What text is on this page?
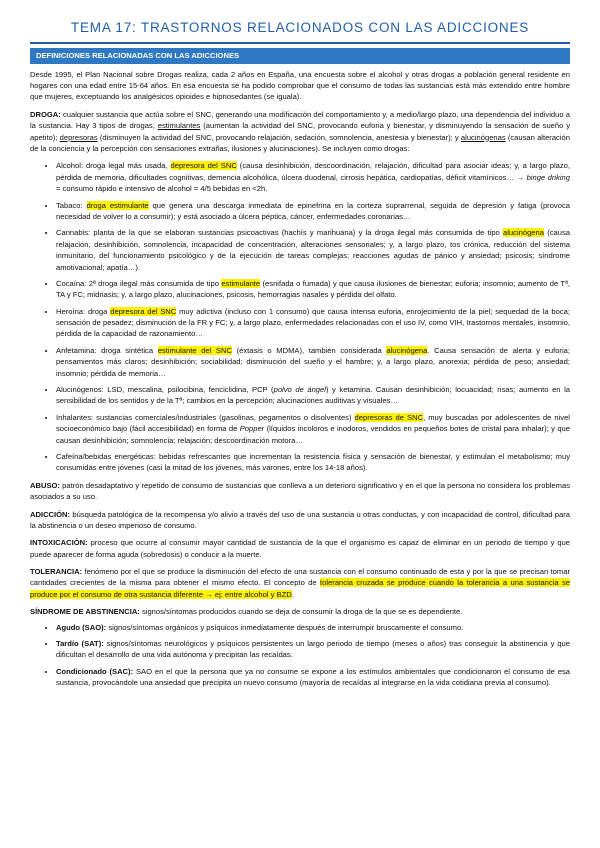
TEMA 17: TRASTORNOS RELACIONADOS CON LAS ADICCIONES
DEFINICIONES RELACIONADAS CON LAS ADICCIONES

Desde 1995, el Plan Nacional sobre Drogas realiza, cada 2 años en España, una encuesta sobre el alcohol y otras drogas a población general residente en hogares con una edad entre 15-64 años. En esa encuesta se ha podido comprobar que el consumo de todas las sustancias está más extendido entre hombre que mujeres, exceptuando los analgésicos opioides e hipnosedantes (se iguala).

DROGA: cualquier sustancia que actúa sobre el SNC, generando una modificación del comportamiento y, a medio/largo plazo, una dependencia del individuo a la sustancia. Hay 3 tipos de drogas, estimulantes (aumentan la actividad del SNC, provocando euforia y bienestar, y disminuyendo la sensación de sueño y apetito); depresoras (disminuyen la actividad del SNC, provocando relajación, sedación, somnolencia, anestesia y bienestar); y alucinógenas (causan alteración de la conciencia y la percepción con sensaciones extrañas, ilusiones y alucinaciones). Se incluyen como drogas:

• Alcohol: droga legal más usada, depresora del SNC (causa desinhibición, descoordinación, relajación, dificultad para asociar ideas; y, a largo plazo, pérdida de memoria, dificultades cognitivas, demencia alcohólica, úlcera duodenal, cirrosis hepática, cardiopatías, déficit vitamínicos… → binge driking = consumo rápido e intensivo de alcohol = 4/5 bebidas en <2h.
• Tabaco: droga estimulante que genera una descarga inmediata de epinefrina en la corteza suprarrenal, seguida de depresión y fatiga (provoca necesidad de volver lo a consumir); y está asociado a úlcera péptica, cáncer, enfermedades coronarias…
• Cannabis: planta de la que se elaboran sustancias psicoactivas (hachís y marihuana) y la droga ilegal más consumida de tipo alucinógena (causa relajación, desinhibición, somnolencia, incapacidad de concentración, alteraciones sensoriales; y, a largo plazo, tos crónica, reducción del sistema inmunitario, del funcionamiento psicológico y de la ejecución de tareas complejas; reacciones agudas de pánico y ansiedad; psicosis; síndrome amotivacional; apatía…).
• Cocaína: 2ª droga ilegal más consumida de tipo estimulante (esnifada o fumada) y que causa ilusiones de bienestar; euforia; insomnio; aumento de Tª, TA y FC; midriasis; y, a largo plazo, alucinaciones, psicosis, hemorragias nasales y pérdida del olfato.
• Heroína: droga depresora del SNC muy adictiva (incluso con 1 consumo) que causa intensa euforia, enrojecimiento de la piel; sequedad de la boca; sensación de pesadez; disminución de la FR y FC; y, a largo plazo, enfermedades relacionadas con el uso IV, como VIH, trastornos mentales, insomnio, pérdida de la capacidad de razonamiento…
• Anfetamina: droga sintética estimulante del SNC (éxtasis o MDMA), también considerada alucinógena. Causa sensación de alerta y euforia; pensamientos más claros; desinhibición; sociabilidad; disminución del sueño y el hambre; y, a largo plazo, anorexia; pérdida de peso; ansiedad; insomnio; pérdida de memoria…
• Alucinógenos: LSD, mescalina, psilocibina, fenciclidina, PCP (polvo de ángel) y ketamina. Causan desinhibición; locuacidad; risas; aumento en la sensibilidad de los sentidos y de la Tª; cambios en la percepción; alucinaciones auditivas y visuales…
• Inhalantes: sustancias comerciales/industriales (gasolinas, pegamentos o disolventes) depresoras de SNC, muy buscadas por adolescentes de nivel socioeconómico bajo (fácil accesibilidad) en forma de Popper (líquidos incoloros e inodoros, vendidos en pequeños botes de cristal para inhalar); y que causan desinhibición; somnolencia; relajación; descoordinación motora…
• Cafeína/bebidas energéticas: bebidas refrescantes que incrementan la resistencia física y sensación de bienestar, y estimulan el metabolismo; muy consumidas entre jóvenes (casi la mitad de los jóvenes, más varones, entre los 14-18 años).

ABUSO: patrón desadaptativo y repetido de consumo de sustancias que conlleva a un deterioro significativo y en el que la persona no considera los problemas asociados a su uso.

ADICCIÓN: búsqueda patológica de la recompensa y/o alivio a través del uso de una sustancia u otras conductas, y con incapacidad de control, dificultad para la abstinencia o un deseo imperioso de consumo.

INTOXICACIÓN: proceso que ocurre al consumir mayor cantidad de sustancia de la que el organismo es capaz de eliminar en un periodo de tiempo y que puede aparecer de forma aguda (sobredosis) o conducir a la muerte.

TOLERANCIA: fenómeno por el que se produce la disminución del efecto de una sustancia con el consumo continuado de esta y por la que se precisan tomar cantidades crecientes de la misma para obtener el mismo efecto. El concepto de tolerancia cruzada se produce cuando la tolerancia a una sustancia se produce por el consumo de otra sustancia diferente → ej: entre alcohol y BZD.

SÍNDROME DE ABSTINENCIA: signos/síntomas producidos cuando se deja de consumir la droga de la que se es dependiente.

• Agudo (SAO): signos/síntomas orgánicos y psíquicos inmediatamente después de interrumpir bruscamente el consumo.
• Tardío (SAT): signos/síntomas neurológicos y psíquicos persistentes un largo periodo de tiempo (meses o años) tras conseguir la abstinencia y que dificultan el desarrollo de una vida autónoma y precipitan las recaídas.
• Condicionado (SAC): SAO en el que la persona que ya no consume se expone a los estímulos ambientales que condicionaron el consumo de esa sustancia, provocándole una ansiedad que precipita un nuevo consumo (mayoría de recaídas al integrarse en la vida cotidiana previa al consumo).
